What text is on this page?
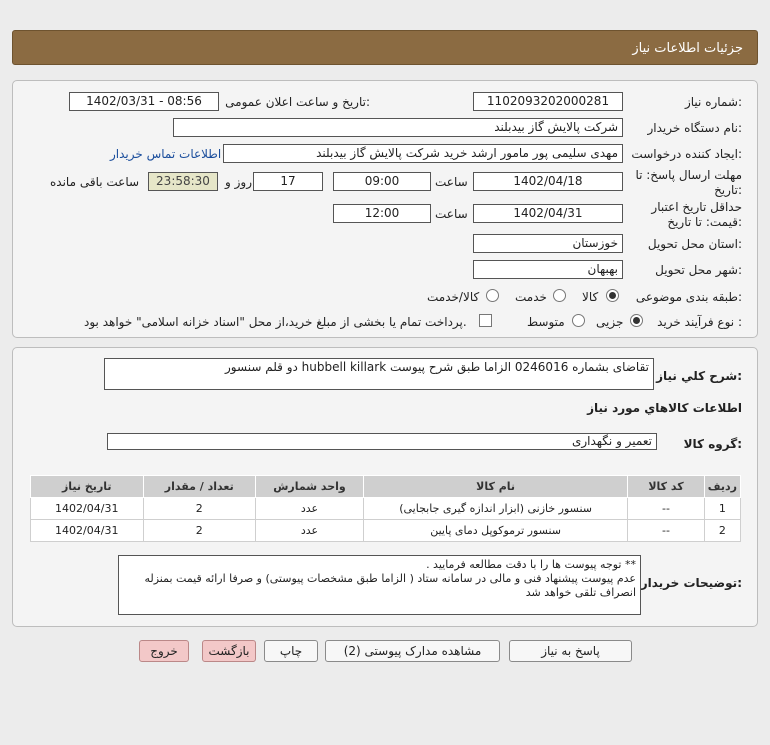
جزئیات اطلاعات نیاز
شماره نیاز:
1102093202000281
تاریخ و ساعت اعلان عمومی:
1402/03/31 - 08:56
نام دستگاه خریدار:
شرکت پالایش گاز بیدبلند
ایجاد کننده درخواست:
مهدی سلیمی پور مامور ارشد خرید شرکت پالایش گاز بیدبلند
اطلاعات تماس خریدار
مهلت ارسال پاسخ: تا
تاریخ:
1402/04/18
ساعت
09:00
17
روز و
23:58:30
ساعت باقی مانده
حداقل تاریخ اعتبار
قیمت: تا تاریخ:
1402/04/31
ساعت
12:00
استان محل تحویل:
خوزستان
شهر محل تحویل:
بهبهان
طبقه بندی موضوعی:
کالا
خدمت
کالا/خدمت
نوع فرآیند خرید :
جزیی
متوسط
پرداخت تمام یا بخشی از مبلغ خرید،از محل "اسناد خزانه اسلامی" خواهد بود.
شرح کلي نياز:
دو قلم سنسور hubbell killark تقاضای بشماره 0246016 الزاما طبق شرح پیوست
اطلاعات کالاهاي مورد نياز
گروه کالا:
تعمیر و نگهداری
ردیف	کد کالا	نام کالا	واحد شمارش	تعداد / مقدار	تاریخ نیاز
1	--	سنسور خازنی (ابزار اندازه گیری جابجایی)	عدد	2	1402/04/31
2	--	سنسور ترموکوپل دمای پایین	عدد	2	1402/04/31
توضیحات خریدار:
** توجه پیوست ها را با دقت مطالعه فرمایید .
عدم پیوست پیشنهاد فنی و مالی در سامانه ستاد ( الزاما طبق مشخصات پیوستی) و صرفا ارائه قیمت بمنزله انصراف تلقی خواهد شد
پاسخ به نیاز
مشاهده مدارک پیوستی (2)
چاپ
بازگشت
خروج
